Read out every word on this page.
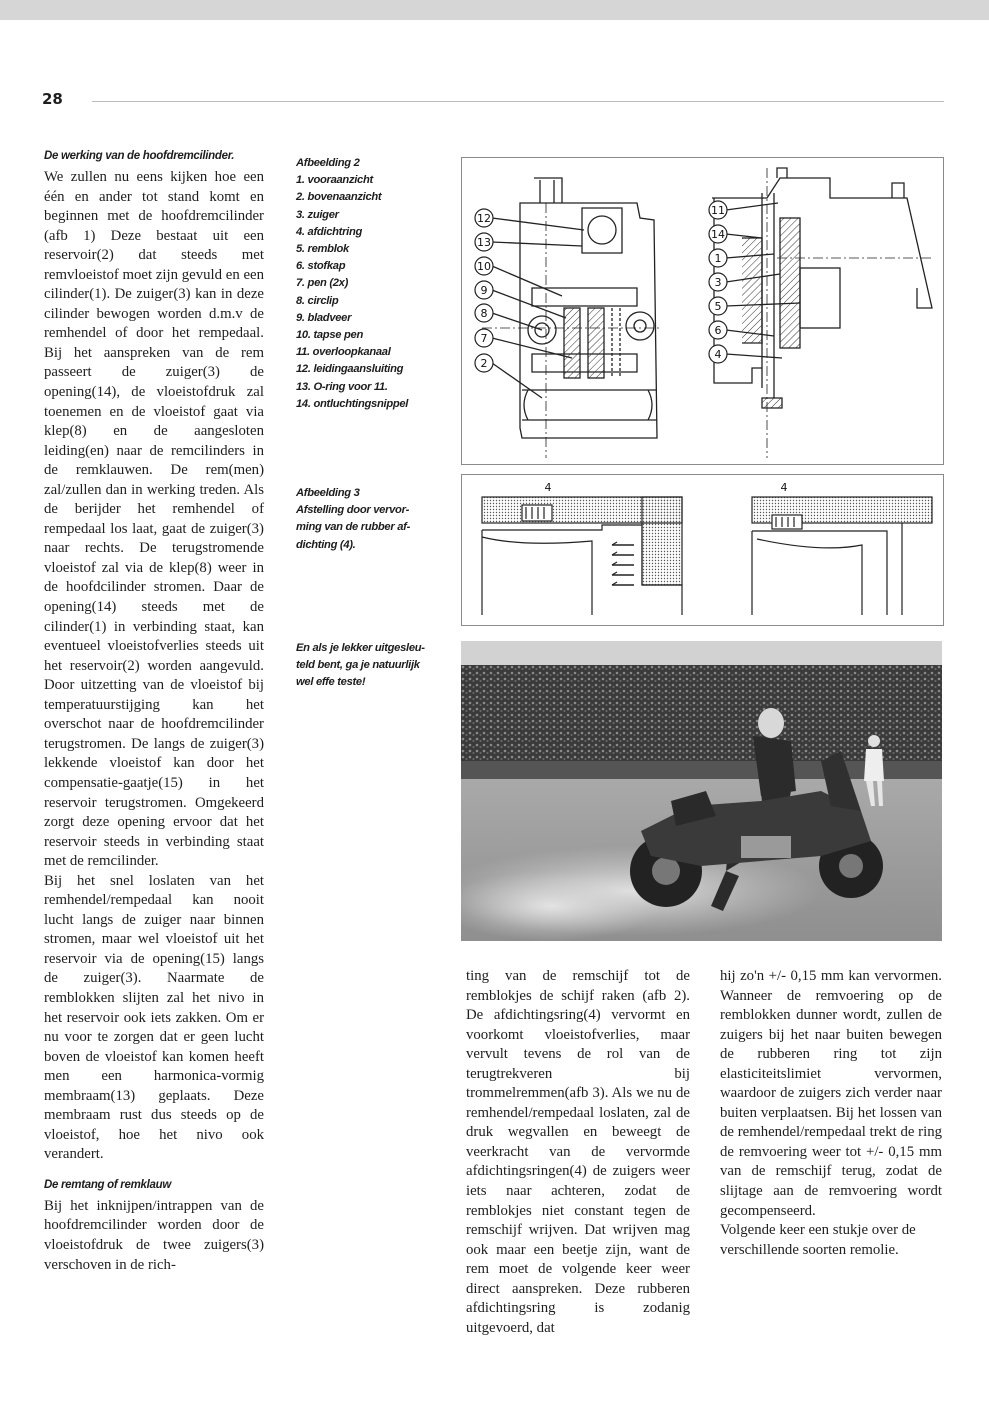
28
De werking van de hoofdremcilinder.

We zullen nu eens kijken hoe een één en ander tot stand komt en beginnen met de hoofdremcilinder (afb 1) Deze bestaat uit een reservoir(2) dat steeds met remvloeistof moet zijn gevuld en een cilinder(1). De zuiger(3) kan in deze cilinder bewogen worden d.m.v de remhendel of door het rempedaal. Bij het aanspreken van de rem passeert de zuiger(3) de opening(14), de vloeistofdruk zal toenemen en de vloeistof gaat via klep(8) en de aangesloten leiding(en) naar de remcilinders in de remklauwen. De rem(men) zal/zullen dan in werking treden. Als de berijder het remhendel of rempedaal los laat, gaat de zuiger(3) naar rechts. De terugstromende vloeistof zal via de klep(8) weer in de hoofdcilinder stromen. Daar de opening(14) steeds met de cilinder(1) in verbinding staat, kan eventueel vloeistofverlies steeds uit het reservoir(2) worden aangevuld. Door uitzetting van de vloeistof bij temperatuurstijging kan het overschot naar de hoofdremcilinder terugstromen. De langs de zuiger(3) lekkende vloeistof kan door het compensatie-gaatje(15) in het reservoir terugstromen. Omgekeerd zorgt deze opening ervoor dat het reservoir steeds in verbinding staat met de remcilinder.

Bij het snel loslaten van het remhendel/rempedaal kan nooit lucht langs de zuiger naar binnen stromen, maar wel vloeistof uit het reservoir via de opening(15) langs de zuiger(3). Naarmate de remblokken slijten zal het nivo in het reservoir ook iets zakken. Om er nu voor te zorgen dat er geen lucht boven de vloeistof kan komen heeft men een harmonica-vormig membraam(13) geplaats. Deze membraam rust dus steeds op de vloeistof, hoe het nivo ook verandert.

De remtang of remklauw

Bij het inknijpen/intrappen van de hoofdremcilinder worden door de vloeistofdruk de twee zuigers(3) verschoven in de rich-

Afbeelding 2
1. vooraanzicht
2. bovenaanzicht
3. zuiger
4. afdichtring
5. remblok
6. stofkap
7. pen (2x)
8. circlip
9. bladveer
10. tapse pen
11. overloopkanaal
12. leidingaansluiting
13. O-ring voor 11.
14. ontluchtingsnippel
Afbeelding 3
Afstelling door vervor-
ming van de rubber af-
dichting (4).
En als je lekker uitgesleu-
teld bent, ga je natuurlijk
wel effe teste!
12
13
10
9
8
7
2
11
14
1
3
5
6
4
4	4

ting van de remschijf tot de remblokjes de schijf raken (afb 2). De afdichtingsring(4) vervormt en voorkomt vloeistofverlies, maar vervult tevens de rol van de terugtrekveren bij trommelremmen(afb 3). Als we nu de remhendel/rempedaal loslaten, zal de druk wegvallen en beweegt de veerkracht van de vervormde afdichtingsringen(4) de zuigers weer iets naar achteren, zodat de remblokjes niet constant tegen de remschijf wrijven. Dat wrijven mag ook maar een beetje zijn, want de rem moet de volgende keer weer direct aanspreken. Deze rubberen afdichtingsring is zodanig uitgevoerd, dat

hij zo'n +/- 0,15 mm kan vervormen. Wanneer de remvoering op de remblokken dunner wordt, zullen de zuigers bij het naar buiten bewegen de rubberen ring tot zijn elasticiteitslimiet vervormen, waardoor de zuigers zich verder naar buiten verplaatsen. Bij het lossen van de remhendel/rempedaal trekt de ring de remvoering weer tot +/- 0,15 mm van de remschijf terug, zodat de slijtage aan de remvoering wordt gecompenseerd.

Volgende keer een stukje over de verschillende soorten remolie.
